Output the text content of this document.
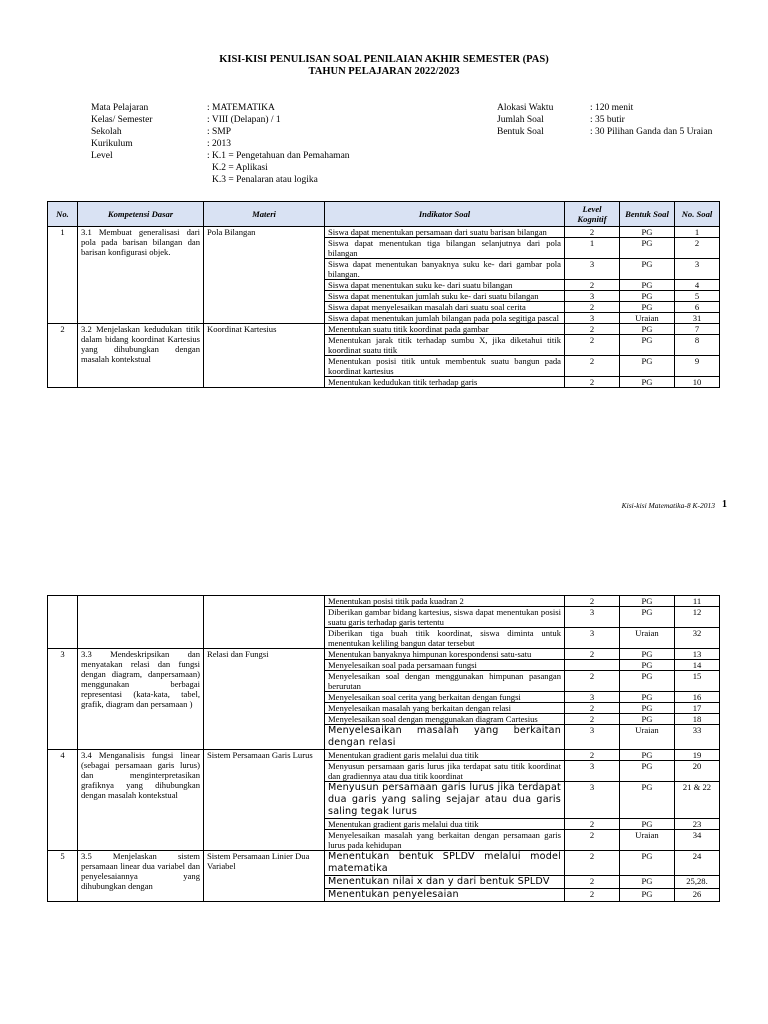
KISI-KISI PENULISAN SOAL PENILAIAN AKHIR SEMESTER (PAS)
TAHUN PELAJARAN 2022/2023
Mata Pelajaran	: MATEMATIKA
Kelas/ Semester	: VIII (Delapan) / 1
Sekolah	: SMP
Kurikulum	: 2013
Level	: K.1 = Pengetahuan dan Pemahaman
K.2 = Aplikasi
K.3 = Penalaran atau logika
Alokasi Waktu	: 120 menit
Jumlah Soal	: 35 butir
Bentuk Soal	: 30 Pilihan Ganda dan 5 Uraian
No.	Kompetensi Dasar	Materi	Indikator Soal	Level Kognitif	Bentuk Soal	No. Soal
1	3.1 Membuat generalisasi dari pola pada barisan bilangan dan barisan konfigurasi objek.	Pola Bilangan	Siswa dapat menentukan persamaan dari suatu barisan bilangan	2	PG	1
			Siswa dapat menentukan tiga bilangan selanjutnya dari pola bilangan	1	PG	2
			Siswa dapat menentukan banyaknya suku ke- dari gambar pola bilangan.	3	PG	3
			Siswa dapat menentukan suku ke- dari suatu bilangan	2	PG	4
			Siswa dapat menentukan jumlah suku ke- dari suatu bilangan	3	PG	5
			Siswa dapat menyelesaikan masalah dari suatu soal cerita	2	PG	6
			Siswa dapat menentukan jumlah bilangan pada pola segitiga pascal	3	Uraian	31
2	3.2 Menjelaskan kedudukan titik dalam bidang koordinat Kartesius yang dihubungkan dengan masalah kontekstual	Koordinat Kartesius	Menentukan suatu titik koordinat pada gambar	2	PG	7
			Menentukan jarak titik terhadap sumbu X, jika diketahui titik koordinat suatu titik	2	PG	8
			Menentukan posisi titik untuk membentuk suatu bangun pada koordinat kartesius	2	PG	9
			Menentukan kedudukan titik terhadap garis	2	PG	10
Kisi-kisi Matematika-8 K-2013 1
			Menentukan posisi titik pada kuadran 2	2	PG	11
			Diberikan gambar bidang kartesius, siswa dapat menentukan posisi suatu garis terhadap garis tertentu	3	PG	12
			Diberikan tiga buah titik koordinat, siswa diminta untuk menentukan keliling bangun datar tersebut	3	Uraian	32
3	3.3 Mendeskripsikan dan menyatakan relasi dan fungsi dengan diagram, danpersamaan) menggunakan berbagai representasi (kata-kata, tabel, grafik, diagram dan persamaan )	Relasi dan Fungsi	Menentukan banyaknya himpunan korespondensi satu-satu	2	PG	13
			Menyelesaikan soal pada persamaan fungsi		PG	14
			Menyelesaikan soal dengan menggunakan himpunan pasangan berurutan	2	PG	15
			Menyelesaikan soal cerita yang berkaitan dengan fungsi	3	PG	16
			Menyelesaikan masalah yang berkaitan dengan relasi	2	PG	17
			Menyelesaikan soal dengan menggunakan diagram Cartesius	2	PG	18
			Menyelesaikan masalah yang berkaitan dengan relasi	3	Uraian	33
4	3.4 Menganalisis fungsi linear (sebagai persamaan garis lurus) dan menginterpretasikan grafiknya yang dihubungkan dengan masalah kontekstual	Sistem Persamaan Garis Lurus	Menentukan gradient garis melalui dua titik	2	PG	19
			Menyusun persamaan garis lurus jika terdapat satu titik koordinat dan gradiennya atau dua titik koordinat	3	PG	20
			Menyusun persamaan garis lurus jika terdapat dua garis yang saling sejajar atau dua garis saling tegak lurus	3	PG	21 & 22
			Menentukan gradient garis melalui dua titik	2	PG	23
			Menyelesaikan masalah yang berkaitan dengan persamaan garis lurus pada kehidupan	2	Uraian	34
5	3.5 Menjelaskan sistem persamaan linear dua variabel dan penyelesaiannya yang dihubungkan dengan	Sistem Persamaan Linier Dua Variabel	Menentukan bentuk SPLDV melalui model matematika	2	PG	24
			Menentukan nilai x dan y dari bentuk SPLDV	2	PG	25,28.
			Menentukan penyelesaian	2	PG	26
